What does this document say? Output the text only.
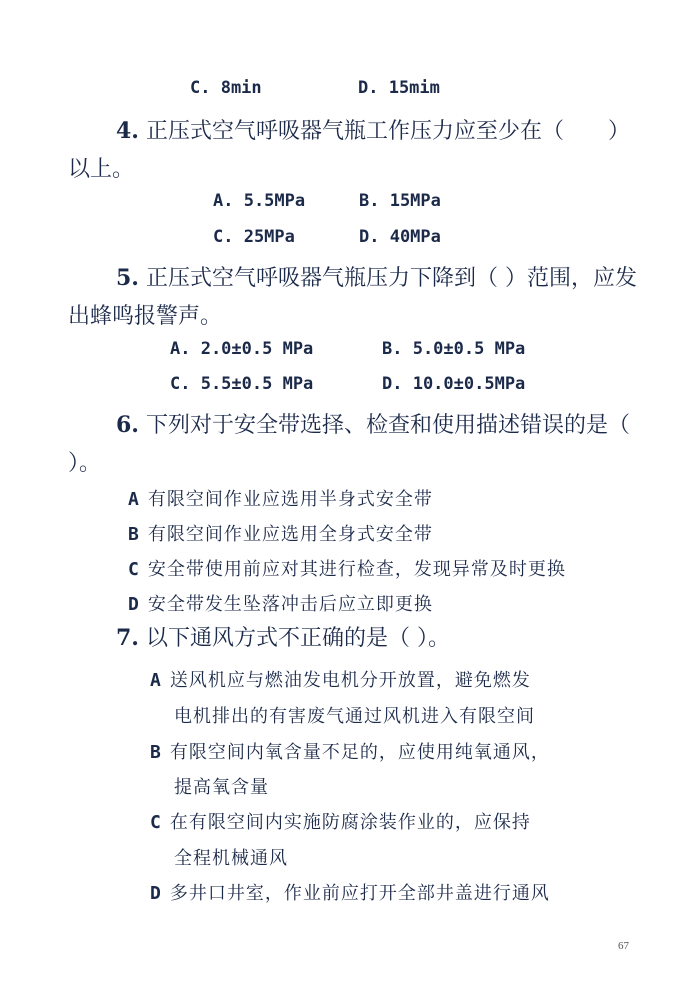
C. 8min	D. 15mim
4. 正压式空气呼吸器气瓶工作压力应至少在（　　）以上。
A. 5.5MPa	B. 15MPa
C. 25MPa	D. 40MPa
5. 正压式空气呼吸器气瓶压力下降到（ ）范围，应发出蜂鸣报警声。
A. 2.0±0.5 MPa	B. 5.0±0.5 MPa
C. 5.5±0.5 MPa	D. 10.0±0.5MPa
6. 下列对于安全带选择、检查和使用描述错误的是（ ）。
A 有限空间作业应选用半身式安全带
B 有限空间作业应选用全身式安全带
C 安全带使用前应对其进行检查，发现异常及时更换
D 安全带发生坠落冲击后应立即更换
7. 以下通风方式不正确的是（ ）。
A 送风机应与燃油发电机分开放置，避免燃发
电机排出的有害废气通过风机进入有限空间
B 有限空间内氧含量不足的，应使用纯氧通风，
提高氧含量
C 在有限空间内实施防腐涂装作业的，应保持
全程机械通风
D 多井口井室，作业前应打开全部井盖进行通风
67
